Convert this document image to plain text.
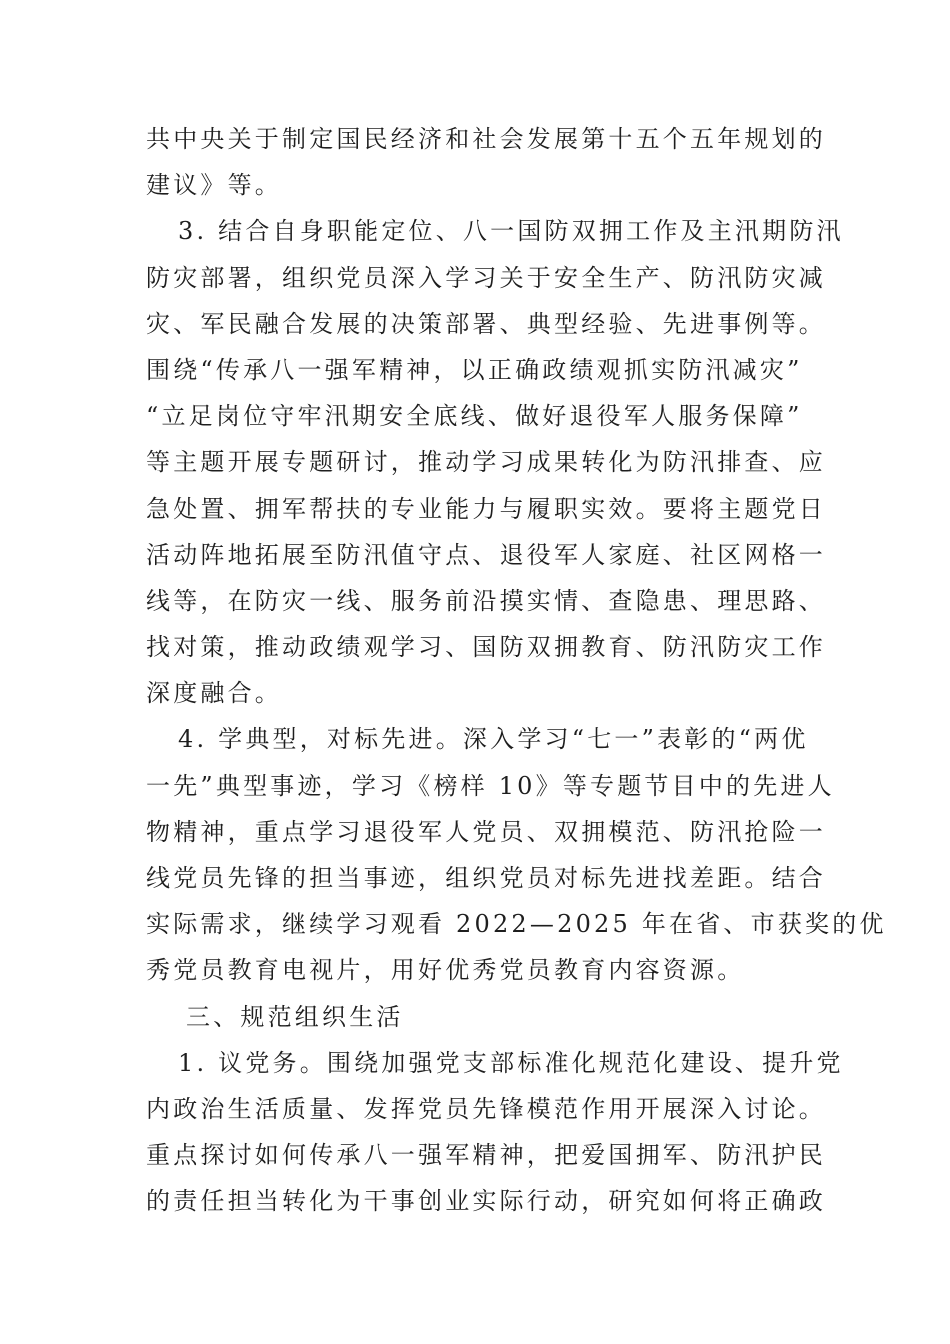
共中央关于制定国民经济和社会发展第十五个五年规划的

建议》等。

3. 结合自身职能定位、八一国防双拥工作及主汛期防汛

防灾部署，组织党员深入学习关于安全生产、防汛防灾减

灾、军民融合发展的决策部署、典型经验、先进事例等。

围绕“传承八一强军精神，以正确政绩观抓实防汛减灾”

“立足岗位守牢汛期安全底线、做好退役军人服务保障”

等主题开展专题研讨，推动学习成果转化为防汛排查、应

急处置、拥军帮扶的专业能力与履职实效。要将主题党日

活动阵地拓展至防汛值守点、退役军人家庭、社区网格一

线等，在防灾一线、服务前沿摸实情、查隐患、理思路、

找对策，推动政绩观学习、国防双拥教育、防汛防灾工作

深度融合。

4. 学典型，对标先进。深入学习“七一”表彰的“两优

一先”典型事迹，学习《榜样 10》等专题节目中的先进人

物精神，重点学习退役军人党员、双拥模范、防汛抢险一

线党员先锋的担当事迹，组织党员对标先进找差距。结合

实际需求，继续学习观看 2022—2025 年在省、市获奖的优

秀党员教育电视片，用好优秀党员教育内容资源。

三、规范组织生活

1. 议党务。围绕加强党支部标准化规范化建设、提升党

内政治生活质量、发挥党员先锋模范作用开展深入讨论。

重点探讨如何传承八一强军精神，把爱国拥军、防汛护民

的责任担当转化为干事创业实际行动，研究如何将正确政
